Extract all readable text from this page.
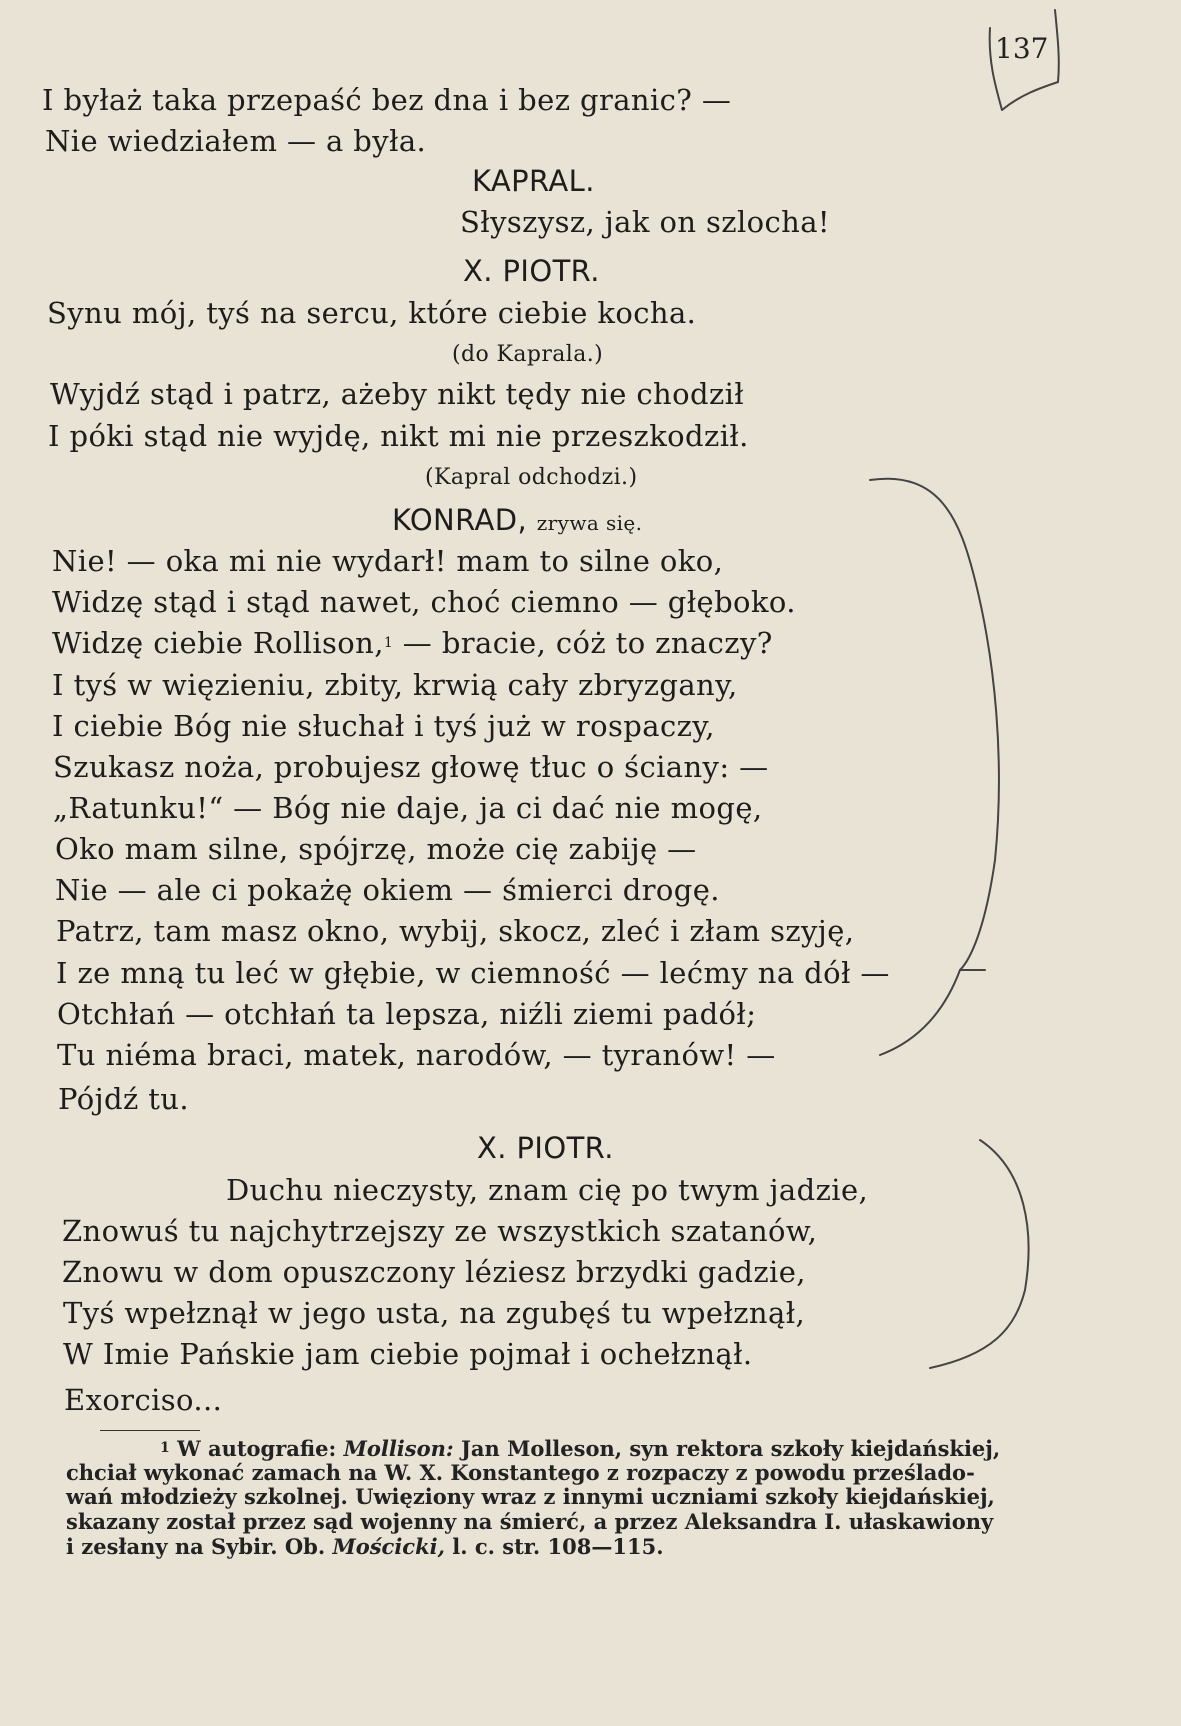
137
I byłaż taka przepaść bez dna i bez granic? —
Nie wiedziałem — a była.
KAPRAL.
Słyszysz, jak on szlocha!
X. PIOTR.
Synu mój, tyś na sercu, które ciebie kocha.
(do Kaprala.)
Wyjdź stąd i patrz, ażeby nikt tędy nie chodził
I póki stąd nie wyjdę, nikt mi nie przeszkodził.
(Kapral odchodzi.)
KONRAD, zrywa się.
Nie! — oka mi nie wydarł! mam to silne oko,
Widzę stąd i stąd nawet, choć ciemno — głęboko.
Widzę ciebie Rollison,$^1$ — bracie, cóż to znaczy?
I tyś w więzieniu, zbity, krwią cały zbryzgany,
I ciebie Bóg nie słuchał i tyś już w rospaczy,
Szukasz noża, probujesz głowę tłuc o ściany: —
„Ratunku!“ — Bóg nie daje, ja ci dać nie mogę,
Oko mam silne, spójrzę, może cię zabiję —
Nie — ale ci pokażę okiem — śmierci drogę.
Patrz, tam masz okno, wybij, skocz, zleć i złam szyję,
I ze mną tu leć w głębie, w ciemność — lećmy na dół —
Otchłań — otchłań ta lepsza, niźli ziemi padół;
Tu niéma braci, matek, narodów, — tyranów! —
Pójdź tu.
X. PIOTR.
Duchu nieczysty, znam cię po twym jadzie,
Znowuś tu najchytrzejszy ze wszystkich szatanów,
Znowu w dom opuszczony léziesz brzydki gadzie,
Tyś wpełznął w jego usta, na zgubęś tu wpełznął,
W Imie Pańskie jam ciebie pojmał i ochełznął.
Exorciso...
$^1$ W autografie: Mollison: Jan Molleson, syn rektora szkoły kiejdańskiej,
chciał wykonać zamach na W. X. Konstantego z rozpaczy z powodu prześlado-
wań młodzieży szkolnej. Uwięziony wraz z innymi uczniami szkoły kiejdańskiej,
skazany został przez sąd wojenny na śmierć, a przez Aleksandra I. ułaskawiony
i zesłany na Sybir. Ob. Mościcki, l. c. str. 108—115.
